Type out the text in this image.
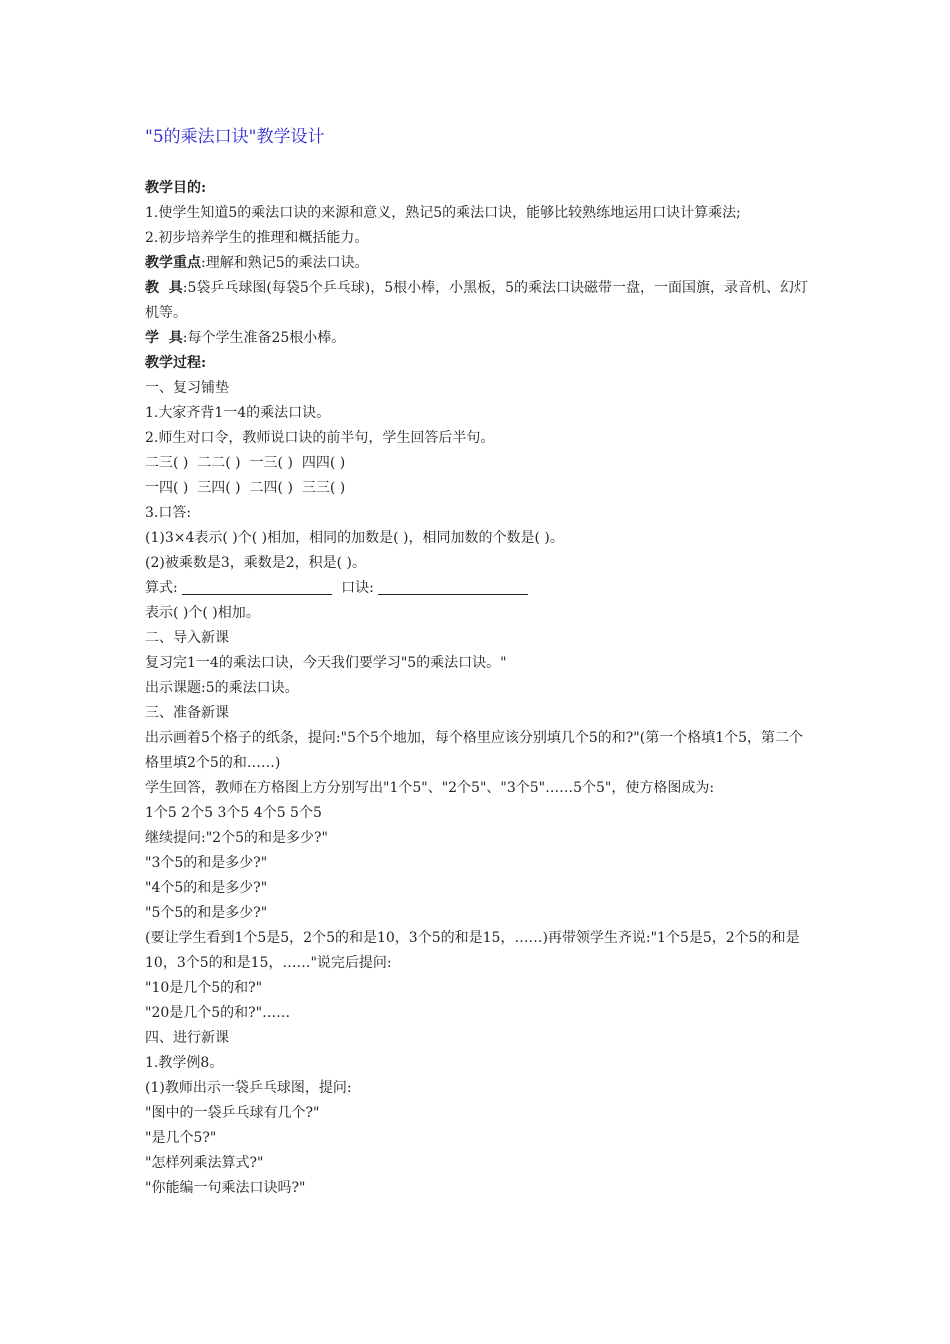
"5的乘法口诀"教学设计
教学目的:
1.使学生知道5的乘法口诀的来源和意义，熟记5的乘法口诀，能够比较熟练地运用口诀计算乘法;
2.初步培养学生的推理和概括能力。
教学重点:理解和熟记5的乘法口诀。
教  具:5袋乒乓球图(每袋5个乒乓球)，5根小棒，小黑板，5的乘法口诀磁带一盘，一面国旗，录音机、幻灯机等。
学  具:每个学生准备25根小棒。
教学过程:
一、复习铺垫
1.大家齐背1一4的乘法口诀。
2.师生对口令，教师说口诀的前半句，学生回答后半句。
二三( )  二二( )  一三( )  四四( )
一四( )  三四( )  二四( )  三三( )
3.口答:
(1)3×4表示( )个( )相加，相同的加数是( )，相同加数的个数是( )。
(2)被乘数是3，乘数是2，积是( )。
算式:	口诀:
表示( )个( )相加。
二、导入新课
复习完1一4的乘法口诀，今天我们要学习"5的乘法口诀。"
出示课题:5的乘法口诀。
三、准备新课
出示画着5个格子的纸条，提问:"5个5个地加，每个格里应该分别填几个5的和?"(第一个格填1个5，第二个格里填2个5的和……)
学生回答，教师在方格图上方分别写出"1个5"、"2个5"、"3个5"……5个5"，使方格图成为:
1个5 2个5 3个5 4个5 5个5
继续提问:"2个5的和是多少?"
"3个5的和是多少?"
"4个5的和是多少?"
"5个5的和是多少?"
(要让学生看到1个5是5，2个5的和是10，3个5的和是15，……)再带领学生齐说:"1个5是5，2个5的和是10，3个5的和是15，……"说完后提问:
"10是几个5的和?"
"20是几个5的和?"……
四、进行新课
1.教学例8。
(1)教师出示一袋乒乓球图，提问:
"图中的一袋乒乓球有几个?"
"是几个5?"
"怎样列乘法算式?"
"你能编一句乘法口诀吗?"
